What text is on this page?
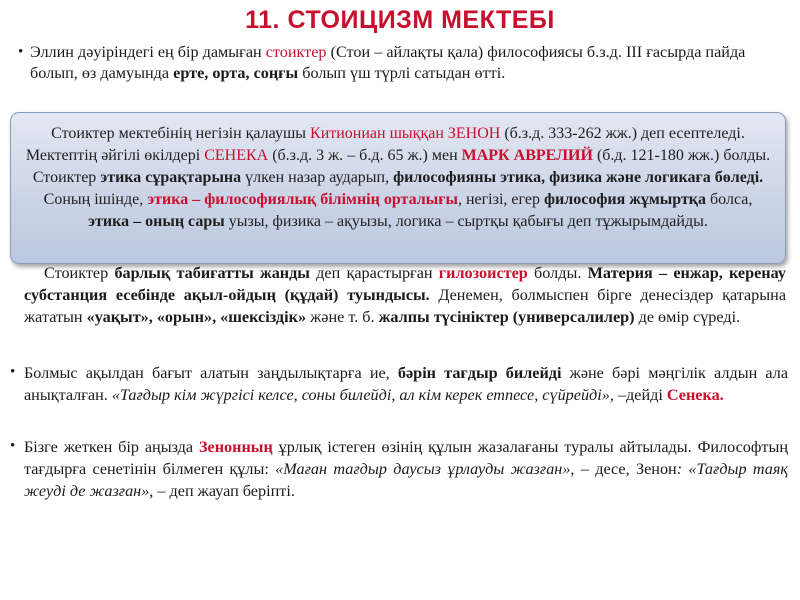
11. СТОИЦИЗМ МЕКТЕБІ
• Эллин дәуіріндегі ең бір дамыған стоиктер (Стои – айлақты қала) философиясы б.з.д. III ғасырда пайда болып, өз дамуында ерте, орта, соңғы болып үш түрлі сатыдан өтті.
Стоиктер мектебінің негізін қалаушы Китиониан шыққан ЗЕНОН (б.з.д. 333-262 жж.) деп есептеледі. Мектептің әйгілі өкілдері СЕНЕКА (б.з.д. 3 ж. – б.д. 65 ж.) мен МАРК АВРЕЛИЙ (б.д. 121-180 жж.) болды. Стоиктер этика сұрақтарына үлкен назар аударып, философияны этика, физика және логикаға бөледі. Соның ішінде, этика – философиялық білімнің орталығы, негізі, егер философия жұмыртқа болса, этика – оның сары уызы, физика – ақуызы, логика – сыртқы қабығы деп тұжырымдайды.

Стоиктер барлық табиғатты жанды деп қарастырған гилозоистер болды. Материя – енжар, керенау субстанция есебінде ақыл-ойдың (құдай) туындысы. Денемен, болмыспен бірге денесіздер қатарына жататын «уақыт», «орын», «шексіздік» және т. б. жалпы түсініктер (универсалилер) де өмір сүреді.

• Болмыс ақылдан бағыт алатын заңдылықтарға ие, бәрін тағдыр билейді және бәрі мәңгілік алдын ала анықталған. «Тағдыр кім жүргісі келсе, соны билейді, ал кім керек етпесе, сүйрейді», –дейді Сенека.
• Бізге жеткен бір аңызда Зенонның ұрлық істеген өзінің құлын жазалағаны туралы айтылады. Философтың тағдырға сенетінін білмеген құлы: «Маған тағдыр даусыз ұрлауды жазған», – десе, Зенон: «Тағдыр таяқ жеуді де жазған», – деп жауап беріпті.
